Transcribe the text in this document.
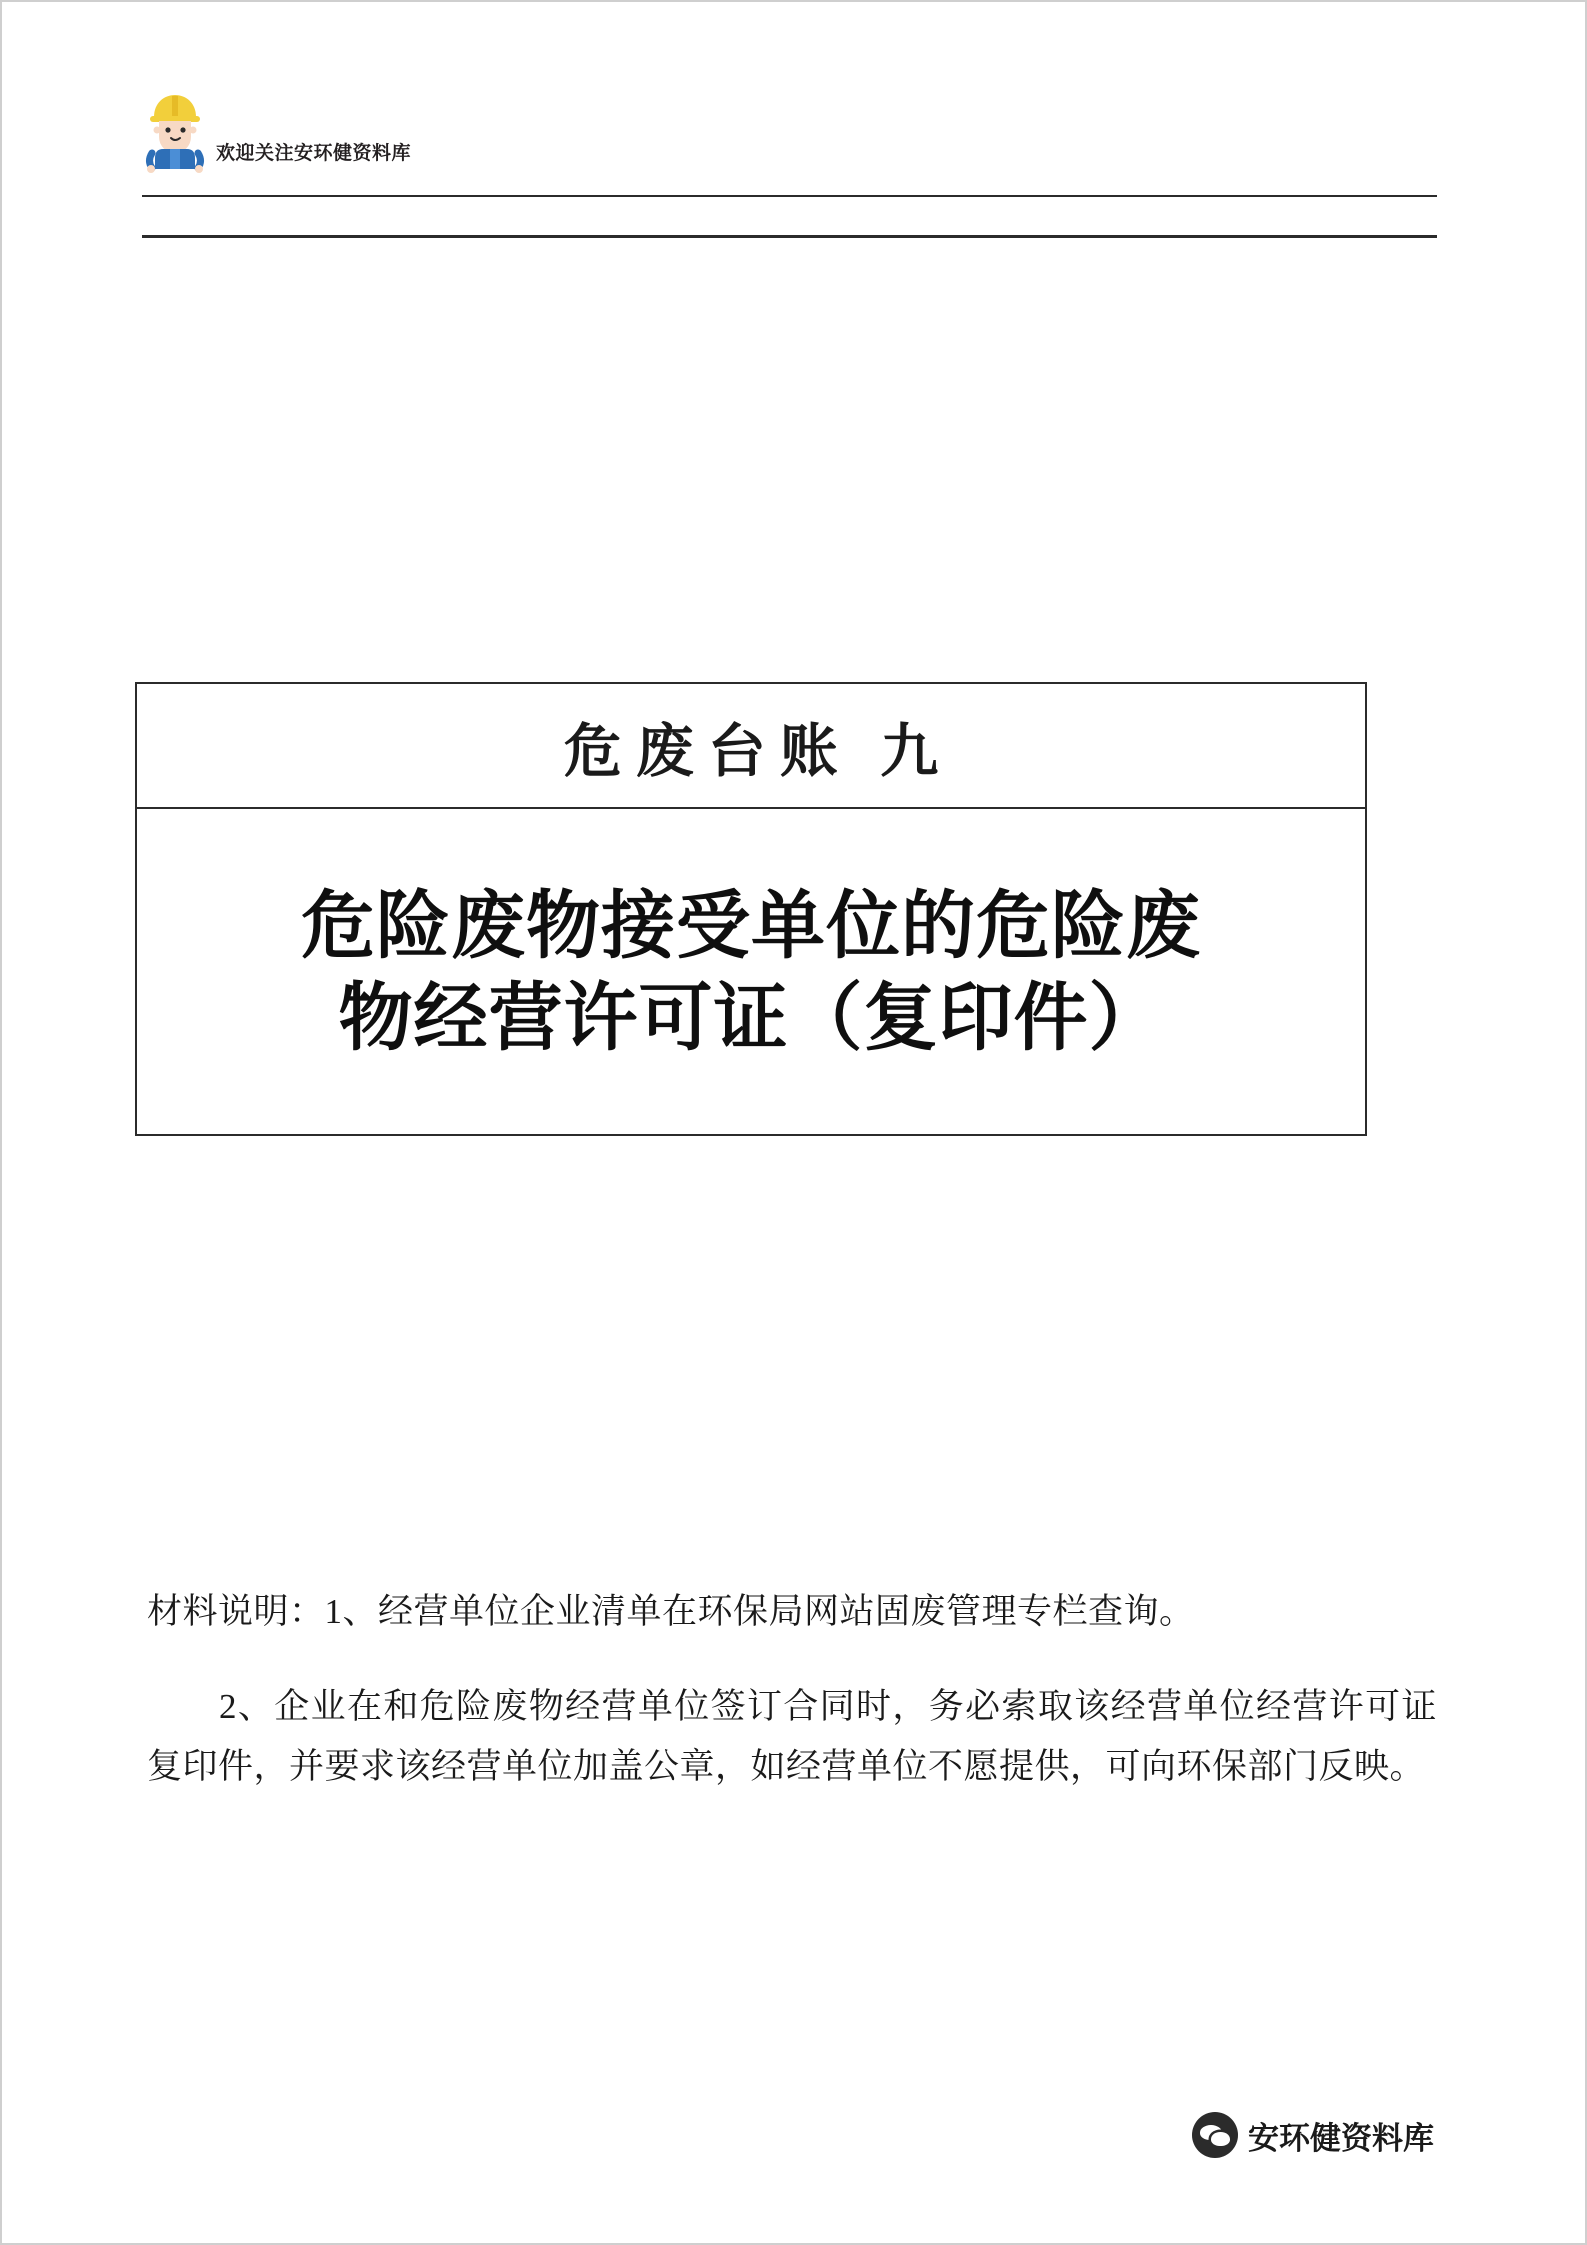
欢迎关注安环健资料库
危废台账 九
危险废物接受单位的危险废
物经营许可证（复印件）

材料说明：1、经营单位企业清单在环保局网站固废管理专栏查询。

2、企业在和危险废物经营单位签订合同时，务必索取该经营单位经营许可证复印件，并要求该经营单位加盖公章，如经营单位不愿提供，可向环保部门反映。

安环健资料库
